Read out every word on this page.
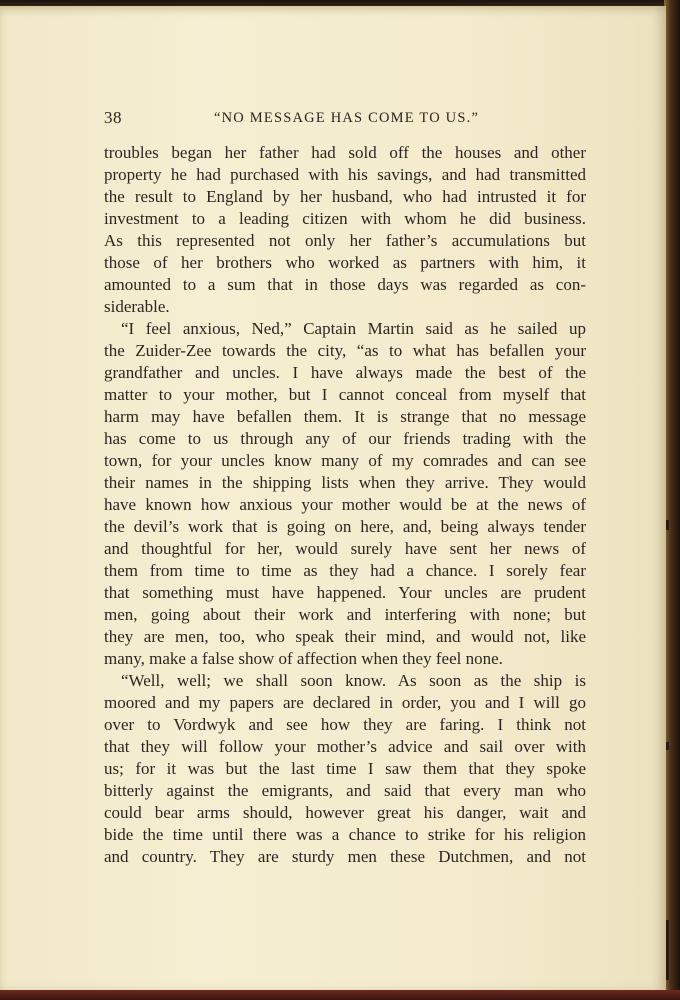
38	“NO MESSAGE HAS COME TO US.”
troubles began her father had sold off the houses and other
property he had purchased with his savings, and had transmitted
the result to England by her husband, who had intrusted it for
investment to a leading citizen with whom he did business.
As this represented not only her father’s accumulations but
those of her brothers who worked as partners with him, it
amounted to a sum that in those days was regarded as con-
siderable.
“I feel anxious, Ned,” Captain Martin said as he sailed up
the Zuider-Zee towards the city, “as to what has befallen your
grandfather and uncles. I have always made the best of the
matter to your mother, but I cannot conceal from myself that
harm may have befallen them. It is strange that no message
has come to us through any of our friends trading with the
town, for your uncles know many of my comrades and can see
their names in the shipping lists when they arrive. They would
have known how anxious your mother would be at the news of
the devil’s work that is going on here, and, being always tender
and thoughtful for her, would surely have sent her news of
them from time to time as they had a chance. I sorely fear
that something must have happened. Your uncles are prudent
men, going about their work and interfering with none; but
they are men, too, who speak their mind, and would not, like
many, make a false show of affection when they feel none.
“Well, well; we shall soon know. As soon as the ship is
moored and my papers are declared in order, you and I will go
over to Vordwyk and see how they are faring. I think not
that they will follow your mother’s advice and sail over with
us; for it was but the last time I saw them that they spoke
bitterly against the emigrants, and said that every man who
could bear arms should, however great his danger, wait and
bide the time until there was a chance to strike for his religion
and country. They are sturdy men these Dutchmen, and not
